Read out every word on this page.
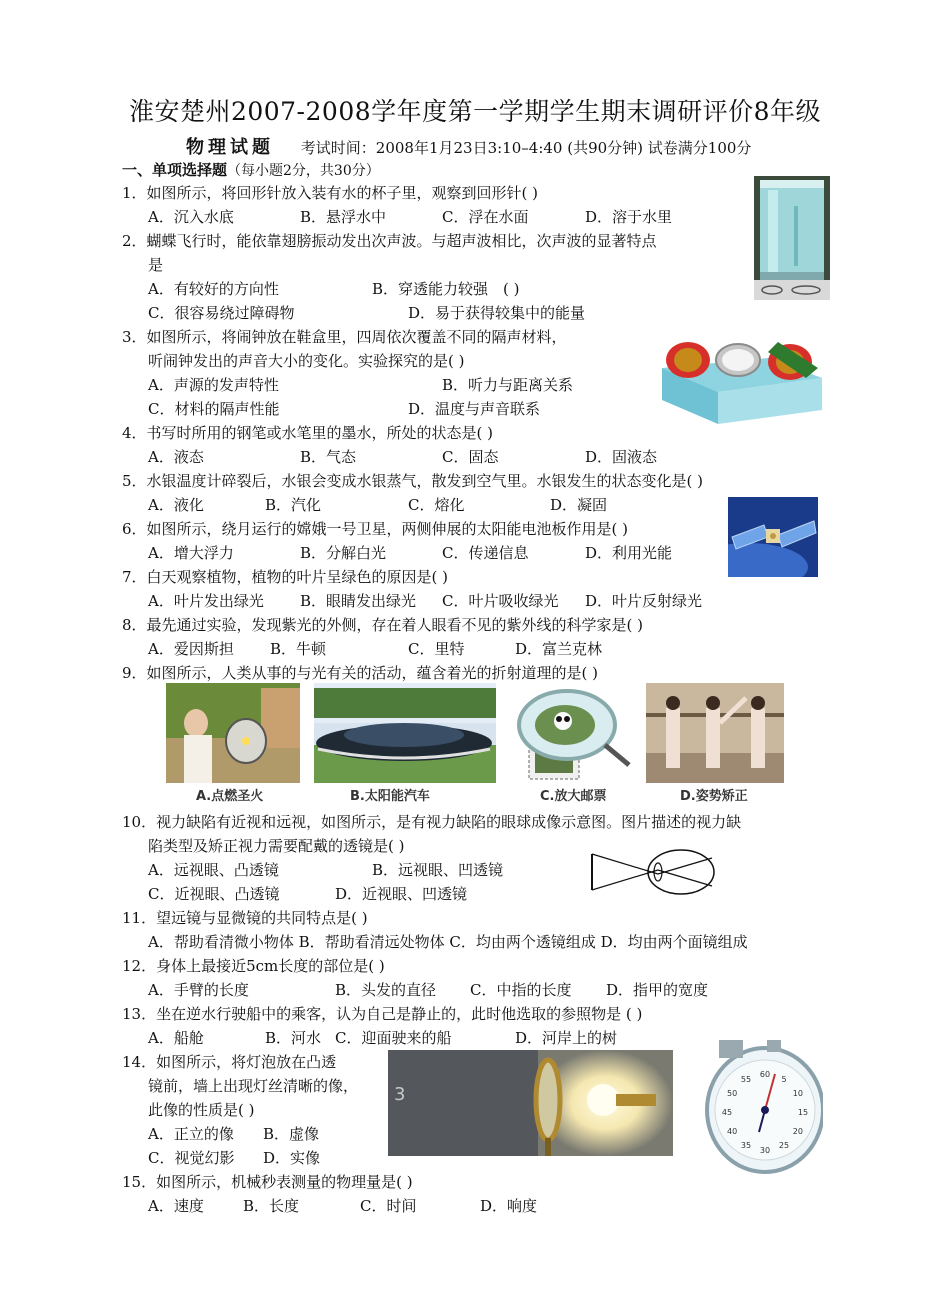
淮安楚州2007-2008学年度第一学期学生期末调研评价8年级
物理试题 考试时间：2008年1月23日3:10–4:40 (共90分钟) 试卷满分100分
一、单项选择题（每小题2分，共30分）
1．如图所示，将回形针放入装有水的杯子里，观察到回形针( )
A．沉入水底	B．悬浮水中	C．浮在水面	D．溶于水里
2．蝴蝶飞行时，能依靠翅膀振动发出次声波。与超声波相比，次声波的显著特点
是
A．有较好的方向性	B．穿透能力较强　( )
C．很容易绕过障碍物	D．易于获得较集中的能量
3．如图所示，将闹钟放在鞋盒里，四周依次覆盖不同的隔声材料，
听闹钟发出的声音大小的变化。实验探究的是( )
A．声源的发声特性	B．听力与距离关系
C．材料的隔声性能	D．温度与声音联系
4．书写时所用的钢笔或水笔里的墨水，所处的状态是( )
A．液态	B．气态	C．固态	D．固液态
5．水银温度计碎裂后，水银会变成水银蒸气，散发到空气里。水银发生的状态变化是( )
A．液化	B．汽化	C．熔化	D．凝固
6．如图所示，绕月运行的嫦娥一号卫星，两侧伸展的太阳能电池板作用是( )
A．增大浮力	B．分解白光	C．传递信息	D．利用光能
7．白天观察植物，植物的叶片呈绿色的原因是( )
A．叶片发出绿光 B．眼睛发出绿光 C．叶片吸收绿光 D．叶片反射绿光
8．最先通过实验，发现紫光的外侧，存在着人眼看不见的紫外线的科学家是( )
A．爱因斯担 B．牛顿	C．里特	D．富兰克林
9．如图所示，人类从事的与光有关的活动，蕴含着光的折射道理的是( )
A.点燃圣火	B.太阳能汽车	C.放大邮票	D.姿势矫正
10．视力缺陷有近视和远视，如图所示，是有视力缺陷的眼球成像示意图。图片描述的视力缺
陷类型及矫正视力需要配戴的透镜是( )
A．远视眼、凸透镜	B．远视眼、凹透镜
C．近视眼、凸透镜	D．近视眼、凹透镜
11．望远镜与显微镜的共同特点是( )
A．帮助看清微小物体 B．帮助看清远处物体 C．均由两个透镜组成 D．均由两个面镜组成
12．身体上最接近5cm长度的部位是( )
A．手臂的长度	B．头发的直径 C．中指的长度 D．指甲的宽度
13．坐在逆水行驶船中的乘客，认为自己是静止的，此时他选取的参照物是 ( )
A．船舱	B．河水 C．迎面驶来的船	D．河岸上的树
14．如图所示，将灯泡放在凸透
镜前，墙上出现灯丝清晰的像，
此像的性质是( )
A．正立的像 B．虚像
C．视觉幻影 D．实像
15．如图所示，机械秒表测量的物理量是( )
A．速度	B．长度	C．时间	D．响度
3
60
5
10
15
20
25
30
35
40
45
50
55
